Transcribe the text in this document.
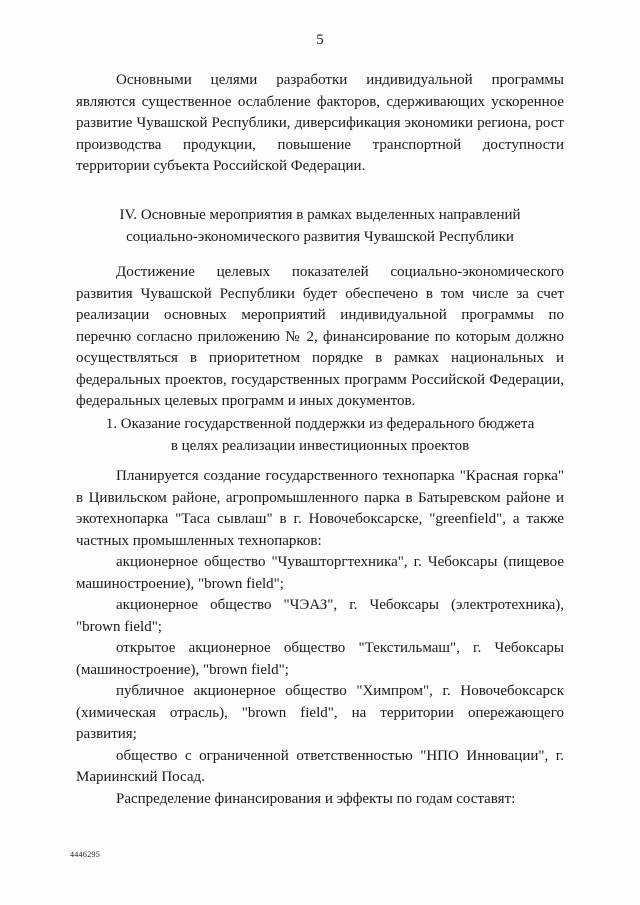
5

Основными целями разработки индивидуальной программы являются существенное ослабление факторов, сдерживающих ускоренное развитие Чувашской Республики, диверсификация экономики региона, рост производства продукции, повышение транспортной доступности территории субъекта Российской Федерации.

IV. Основные мероприятия в рамках выделенных направлений

социально-экономического развития Чувашской Республики

Достижение целевых показателей социально-экономического развития Чувашской Республики будет обеспечено в том числе за счет реализации основных мероприятий индивидуальной программы по перечню согласно приложению № 2, финансирование по которым должно осуществляться в приоритетном порядке в рамках национальных и федеральных проектов, государственных программ Российской Федерации, федеральных целевых программ и иных документов.

1. Оказание государственной поддержки из федерального бюджета

в целях реализации инвестиционных проектов

Планируется создание государственного технопарка "Красная горка" в Цивильском районе, агропромышленного парка в Батыревском районе и экотехнопарка "Таса сывлаш" в г. Новочебоксарске, "greenfield", а также частных промышленных технопарков:

акционерное общество "Чувашторгтехника", г. Чебоксары (пищевое машиностроение), "brown field";

акционерное общество "ЧЭАЗ", г. Чебоксары (электротехника), "brown field";

открытое акционерное общество "Текстильмаш", г. Чебоксары (машиностроение), "brown field";

публичное акционерное общество "Химпром", г. Новочебоксарск (химическая отрасль), "brown field", на территории опережающего развития;

общество с ограниченной ответственностью "НПО Инновации", г. Мариинский Посад.

Распределение финансирования и эффекты по годам составят:

4446295
